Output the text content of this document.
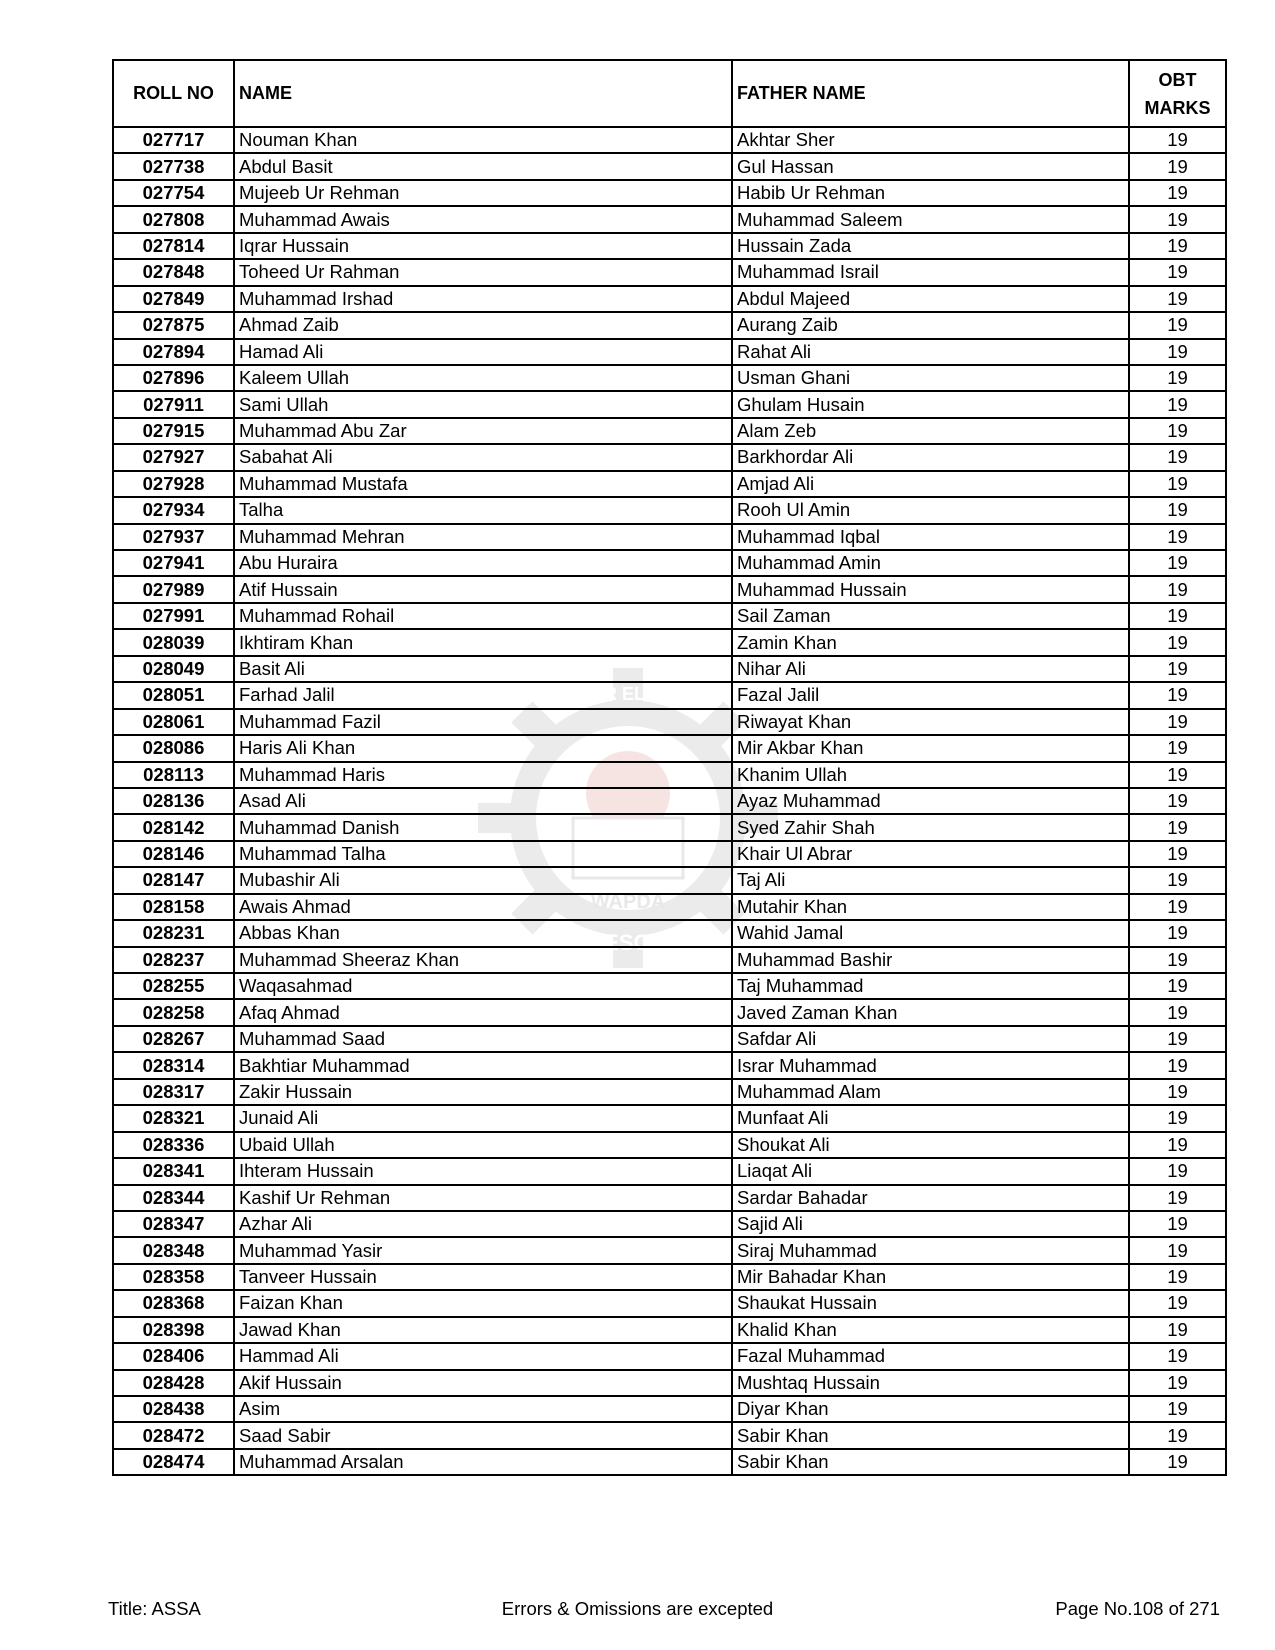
WAPDA
PESCO
PESHAWAR ELECTRIC SU
ROLL NO	NAME	FATHER NAME	OBT
MARKS

027717	Nouman Khan	Akhtar Sher	19
027738	Abdul Basit	Gul Hassan	19
027754	Mujeeb Ur Rehman	Habib Ur Rehman	19
027808	Muhammad Awais	Muhammad Saleem	19
027814	Iqrar Hussain	Hussain Zada	19
027848	Toheed Ur Rahman	Muhammad Israil	19
027849	Muhammad Irshad	Abdul Majeed	19
027875	Ahmad Zaib	Aurang Zaib	19
027894	Hamad Ali	Rahat Ali	19
027896	Kaleem Ullah	Usman Ghani	19
027911	Sami Ullah	Ghulam Husain	19
027915	Muhammad Abu Zar	Alam Zeb	19
027927	Sabahat Ali	Barkhordar Ali	19
027928	Muhammad Mustafa	Amjad Ali	19
027934	Talha	Rooh Ul Amin	19
027937	Muhammad Mehran	Muhammad Iqbal	19
027941	Abu Huraira	Muhammad Amin	19
027989	Atif Hussain	Muhammad Hussain	19
027991	Muhammad Rohail	Sail Zaman	19
028039	Ikhtiram Khan	Zamin Khan	19
028049	Basit Ali	Nihar Ali	19
028051	Farhad Jalil	Fazal Jalil	19
028061	Muhammad Fazil	Riwayat Khan	19
028086	Haris Ali Khan	Mir Akbar Khan	19
028113	Muhammad Haris	Khanim Ullah	19
028136	Asad Ali	Ayaz Muhammad	19
028142	Muhammad Danish	Syed Zahir Shah	19
028146	Muhammad Talha	Khair Ul Abrar	19
028147	Mubashir Ali	Taj Ali	19
028158	Awais Ahmad	Mutahir Khan	19
028231	Abbas Khan	Wahid Jamal	19
028237	Muhammad Sheeraz Khan	Muhammad Bashir	19
028255	Waqasahmad	Taj Muhammad	19
028258	Afaq Ahmad	Javed Zaman Khan	19
028267	Muhammad Saad	Safdar Ali	19
028314	Bakhtiar Muhammad	Israr Muhammad	19
028317	Zakir Hussain	Muhammad Alam	19
028321	Junaid Ali	Munfaat Ali	19
028336	Ubaid Ullah	Shoukat Ali	19
028341	Ihteram Hussain	Liaqat Ali	19
028344	Kashif Ur Rehman	Sardar Bahadar	19
028347	Azhar Ali	Sajid Ali	19
028348	Muhammad Yasir	Siraj Muhammad	19
028358	Tanveer Hussain	Mir Bahadar Khan	19
028368	Faizan Khan	Shaukat Hussain	19
028398	Jawad Khan	Khalid Khan	19
028406	Hammad Ali	Fazal Muhammad	19
028428	Akif Hussain	Mushtaq Hussain	19
028438	Asim	Diyar Khan	19
028472	Saad Sabir	Sabir Khan	19
028474	Muhammad Arsalan	Sabir Khan	19
Title: ASSA	Errors & Omissions are excepted	Page No.108 of 271
